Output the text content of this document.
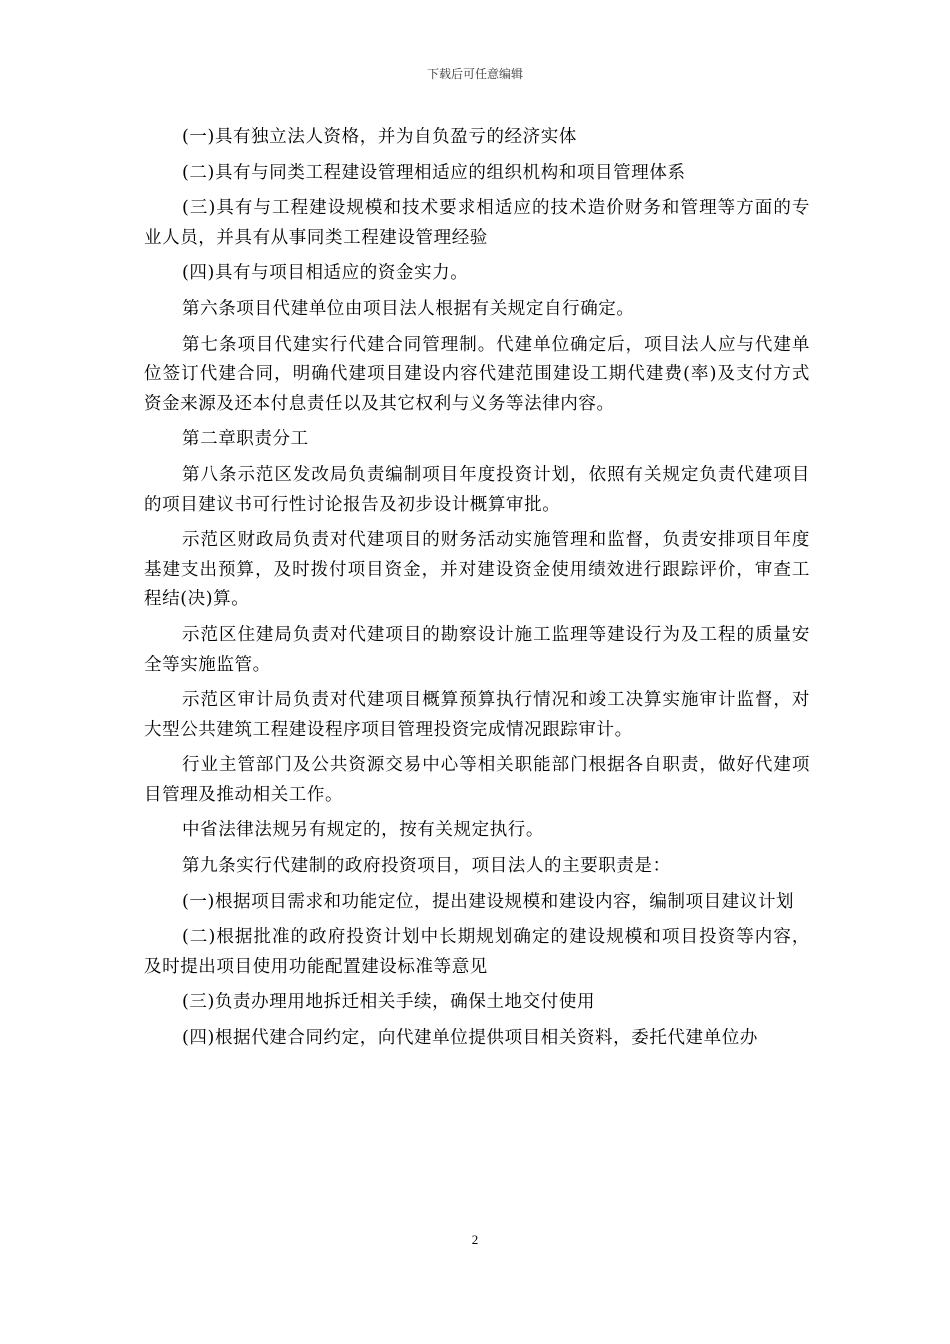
下载后可任意编辑

(一)具有独立法人资格，并为自负盈亏的经济实体

(二)具有与同类工程建设管理相适应的组织机构和项目管理体系

(三)具有与工程建设规模和技术要求相适应的技术造价财务和管理等方面的专业人员，并具有从事同类工程建设管理经验

(四)具有与项目相适应的资金实力。

第六条项目代建单位由项目法人根据有关规定自行确定。

第七条项目代建实行代建合同管理制。代建单位确定后，项目法人应与代建单位签订代建合同，明确代建项目建设内容代建范围建设工期代建费(率)及支付方式资金来源及还本付息责任以及其它权利与义务等法律内容。

第二章职责分工

第八条示范区发改局负责编制项目年度投资计划，依照有关规定负责代建项目的项目建议书可行性讨论报告及初步设计概算审批。

示范区财政局负责对代建项目的财务活动实施管理和监督，负责安排项目年度基建支出预算，及时拨付项目资金，并对建设资金使用绩效进行跟踪评价，审查工程结(决)算。

示范区住建局负责对代建项目的勘察设计施工监理等建设行为及工程的质量安全等实施监管。

示范区审计局负责对代建项目概算预算执行情况和竣工决算实施审计监督，对大型公共建筑工程建设程序项目管理投资完成情况跟踪审计。

行业主管部门及公共资源交易中心等相关职能部门根据各自职责，做好代建项目管理及推动相关工作。

中省法律法规另有规定的，按有关规定执行。

第九条实行代建制的政府投资项目，项目法人的主要职责是：

(一)根据项目需求和功能定位，提出建设规模和建设内容，编制项目建议计划

(二)根据批准的政府投资计划中长期规划确定的建设规模和项目投资等内容，及时提出项目使用功能配置建设标准等意见

(三)负责办理用地拆迁相关手续，确保土地交付使用

(四)根据代建合同约定，向代建单位提供项目相关资料，委托代建单位办

2
